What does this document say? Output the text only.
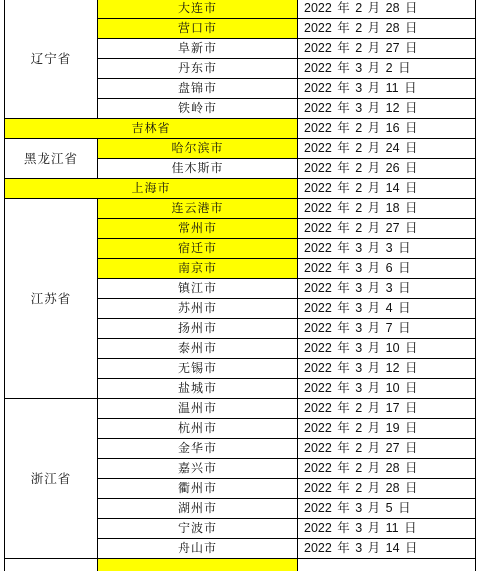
辽宁省	大连市	2022 年 2 月 28 日
	营口市	2022 年 2 月 28 日
	阜新市	2022 年 2 月 27 日
	丹东市	2022 年 3 月 2 日
	盘锦市	2022 年 3 月 11 日
	铁岭市	2022 年 3 月 12 日
吉林省		2022 年 2 月 16 日
黑龙江省	哈尔滨市	2022 年 2 月 24 日
	佳木斯市	2022 年 2 月 26 日
上海市		2022 年 2 月 14 日
江苏省	连云港市	2022 年 2 月 18 日
	常州市	2022 年 2 月 27 日
	宿迁市	2022 年 3 月 3 日
	南京市	2022 年 3 月 6 日
	镇江市	2022 年 3 月 3 日
	苏州市	2022 年 3 月 4 日
	扬州市	2022 年 3 月 7 日
	泰州市	2022 年 3 月 10 日
	无锡市	2022 年 3 月 12 日
	盐城市	2022 年 3 月 10 日
浙江省	温州市	2022 年 2 月 17 日
	杭州市	2022 年 2 月 19 日
	金华市	2022 年 2 月 27 日
	嘉兴市	2022 年 2 月 28 日
	衢州市	2022 年 2 月 28 日
	湖州市	2022 年 3 月 5 日
	宁波市	2022 年 3 月 11 日
	舟山市	2022 年 3 月 14 日
